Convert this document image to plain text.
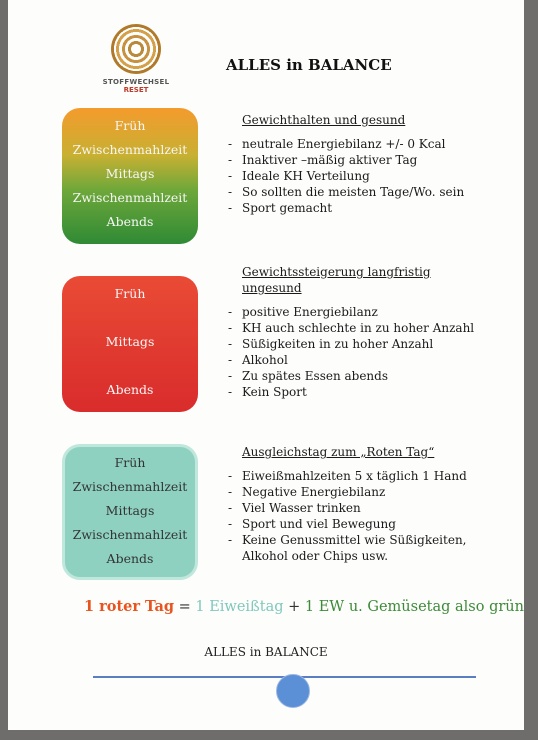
STOFFWECHSEL
RESET
ALLES in BALANCE
Früh
Zwischenmahlzeit
Mittags
Zwischenmahlzeit
Abends
Früh
Mittags
Abends
Früh
Zwischenmahlzeit
Mittags
Zwischenmahlzeit
Abends
Gewichthalten und gesund
- neutrale Energiebilanz +/- 0 Kcal
- Inaktiver –mäßig aktiver Tag
- Ideale KH Verteilung
- So sollten die meisten Tage/Wo. sein
- Sport gemacht
Gewichtssteigerung langfristig
ungesund
- positive Energiebilanz
- KH auch schlechte in zu hoher Anzahl
- Süßigkeiten in zu hoher Anzahl
- Alkohol
- Zu spätes Essen abends
- Kein Sport
Ausgleichstag zum „Roten Tag“
- Eiweißmahlzeiten 5 x täglich 1 Hand
- Negative Energiebilanz
- Viel Wasser trinken
- Sport und viel Bewegung
- Keine Genussmittel wie Süßigkeiten,
Alkohol oder Chips usw.
1 roter Tag = 1 Eiweißtag + 1 EW u. Gemüsetag also grün
ALLES in BALANCE
